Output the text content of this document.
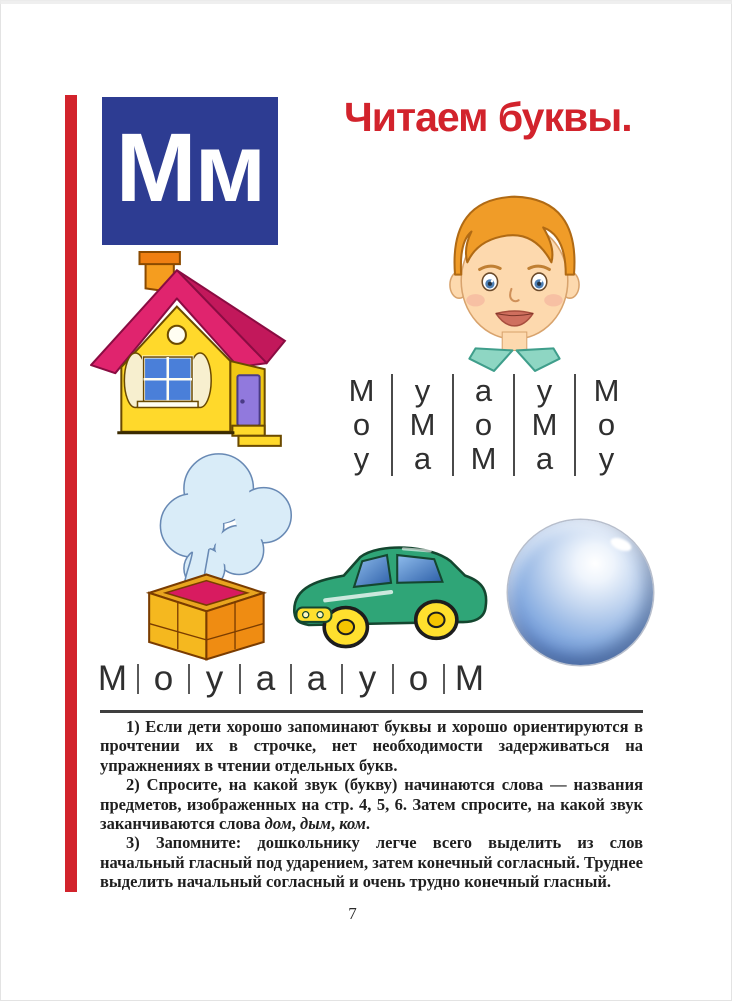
Мм Читаем буквы.
М	у	а	у	М
о	М	о	М	о
у	а	М	а	у
М о у а а у о М

1) Если дети хорошо запоминают буквы и хорошо ориентируются в прочтении их в строчке, нет необходимости задерживаться на упражнениях в чтении отдельных букв.

2) Спросите, на какой звук (букву) начинаются слова — названия предметов, изображенных на стр. 4, 5, 6. Затем спросите, на какой звук заканчиваются слова дом, дым, ком.

3) Запомните: дошкольнику легче всего выделить из слов начальный гласный под ударением, затем конечный согласный. Труднее выделить начальный согласный и очень трудно конечный гласный.

7
